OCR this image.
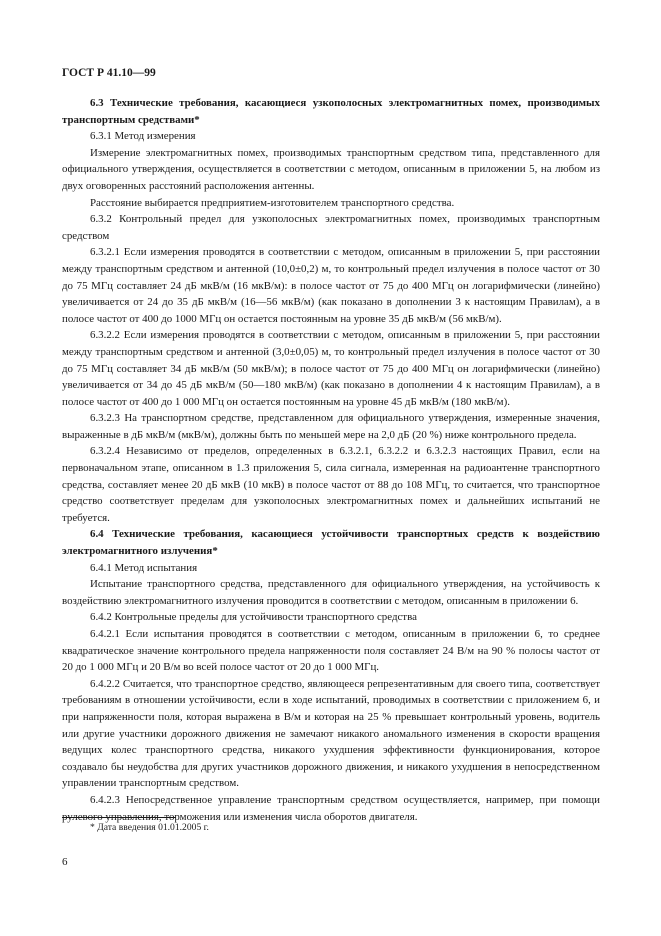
ГОСТ Р 41.10—99

6.3 Технические требования, касающиеся узкополосных электромагнитных помех, производимых транспортным средствами*

6.3.1 Метод измерения

Измерение электромагнитных помех, производимых транспортным средством типа, представленного для официального утверждения, осуществляется в соответствии с методом, описанным в приложении 5, на любом из двух оговоренных расстояний расположения антенны.

Расстояние выбирается предприятием-изготовителем транспортного средства.

6.3.2 Контрольный предел для узкополосных электромагнитных помех, производимых транспортным средством

6.3.2.1 Если измерения проводятся в соответствии с методом, описанным в приложении 5, при расстоянии между транспортным средством и антенной (10,0±0,2) м, то контрольный предел излучения в полосе частот от 30 до 75 МГц составляет 24 дБ мкВ/м (16 мкВ/м): в полосе частот от 75 до 400 МГц он логарифмически (линейно) увеличивается от 24 до 35 дБ мкВ/м (16—56 мкВ/м) (как показано в дополнении 3 к настоящим Правилам), а в полосе частот от 400 до 1000 МГц он остается постоянным на уровне 35 дБ мкВ/м (56 мкВ/м).

6.3.2.2 Если измерения проводятся в соответствии с методом, описанным в приложении 5, при расстоянии между транспортным средством и антенной (3,0±0,05) м, то контрольный предел излучения в полосе частот от 30 до 75 МГц составляет 34 дБ мкВ/м (50 мкВ/м); в полосе частот от 75 до 400 МГц он логарифмически (линейно) увеличивается от 34 до 45 дБ мкВ/м (50—180 мкВ/м) (как показано в дополнении 4 к настоящим Правилам), а в полосе частот от 400 до 1 000 МГц он остается постоянным на уровне 45 дБ мкВ/м (180 мкВ/м).

6.3.2.3 На транспортном средстве, представленном для официального утверждения, измеренные значения, выраженные в дБ мкВ/м (мкВ/м), должны быть по меньшей мере на 2,0 дБ (20 %) ниже контрольного предела.

6.3.2.4 Независимо от пределов, определенных в 6.3.2.1, 6.3.2.2 и 6.3.2.3 настоящих Правил, если на первоначальном этапе, описанном в 1.3 приложения 5, сила сигнала, измеренная на радиоантенне транспортного средства, составляет менее 20 дБ мкВ (10 мкВ) в полосе частот от 88 до 108 МГц, то считается, что транспортное средство соответствует пределам для узкополосных электромагнитных помех и дальнейших испытаний не требуется.

6.4 Технические требования, касающиеся устойчивости транспортных средств к воздействию электромагнитного излучения*

6.4.1 Метод испытания

Испытание транспортного средства, представленного для официального утверждения, на устойчивость к воздействию электромагнитного излучения проводится в соответствии с методом, описанным в приложении 6.

6.4.2 Контрольные пределы для устойчивости транспортного средства

6.4.2.1 Если испытания проводятся в соответствии с методом, описанным в приложении 6, то среднее квадратическое значение контрольного предела напряженности поля составляет 24 В/м на 90 % полосы частот от 20 до 1 000 МГц и 20 В/м во всей полосе частот от 20 до 1 000 МГц.

6.4.2.2 Считается, что транспортное средство, являющееся репрезентативным для своего типа, соответствует требованиям в отношении устойчивости, если в ходе испытаний, проводимых в соответствии с приложением 6, и при напряженности поля, которая выражена в В/м и которая на 25 % превышает контрольный уровень, водитель или другие участники дорожного движения не замечают никакого аномального изменения в скорости вращения ведущих колес транспортного средства, никакого ухудшения эффективности функционирования, которое создавало бы неудобства для других участников дорожного движения, и никакого ухудшения в непосредственном управлении транспортным средством.

6.4.2.3 Непосредственное управление транспортным средством осуществляется, например, при помощи рулевого управления, торможения или изменения числа оборотов двигателя.

* Дата введения 01.01.2005 г.
6
